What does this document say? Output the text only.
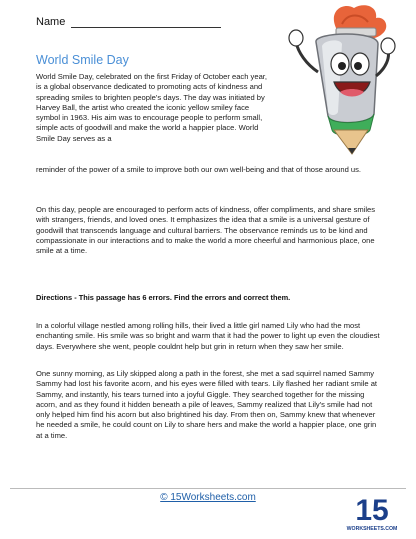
Name
World Smile Day
World Smile Day, celebrated on the first Friday of October each year, is a global observance dedicated to promoting acts of kindness and spreading smiles to brighten people's days. The day was initiated by Harvey Ball, the artist who created the iconic yellow smiley face symbol in 1963. His aim was to encourage people to perform small, simple acts of goodwill and make the world a happier place. World Smile Day serves as a
reminder of the power of a smile to improve both our own well-being and that of those around us.
On this day, people are encouraged to perform acts of kindness, offer compliments, and share smiles with strangers, friends, and loved ones. It emphasizes the idea that a smile is a universal gesture of goodwill that transcends language and cultural barriers. The observance reminds us to be kind and compassionate in our interactions and to make the world a more cheerful and harmonious place, one smile at a time.
Directions - This passage has 6 errors. Find the errors and correct them.
In a colorful village nestled among rolling hills, their lived a little girl named Lily who had the most enchanting smile. His smile was so bright and warm that it had the power to light up even the cloudiest days. Everywhere she went, people couldnt help but grin in return when they saw her smile.
One sunny morning, as Lily skipped along a path in the forest, she met a sad squirrel named Sammy Sammy had lost his favorite acorn, and his eyes were filled with tears. Lily flashed her radiant smile at Sammy, and instantly, his tears turned into a joyful Giggle. They searched together for the missing acorn, and as they found it hidden beneath a pile of leaves, Sammy realized that Lily's smile had not only helped him find his acorn but also brightined his day. From then on, Sammy knew that whenever he needed a smile, he could count on Lily to share hers and make the world a happier place, one grin at a time.
© 15Worksheets.com	15
WORKSHEETS.COM
